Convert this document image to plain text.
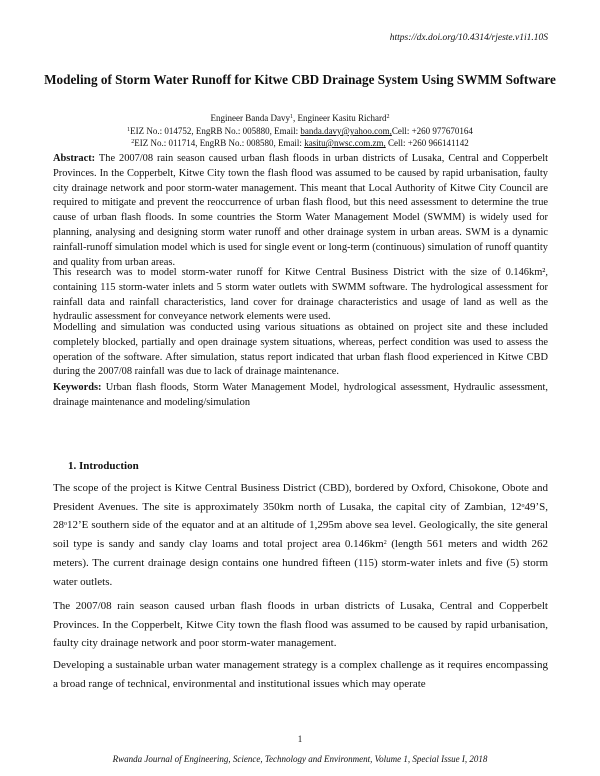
https://dx.doi.org/10.4314/rjeste.v1i1.10S
Modeling of Storm Water Runoff for Kitwe CBD Drainage System Using SWMM Software
Engineer Banda Davy$^1$, Engineer Kasitu Richard$^2$
$^1$EIZ No.: 014752, EngRB No.: 005880, Email: banda.davy@yahoo.com,Cell: +260 977670164
$^2$EIZ No.: 011714, EngRB No.: 008580, Email: kasitu@nwsc.com.zm, Cell: +260 966141142

Abstract: The 2007/08 rain season caused urban flash floods in urban districts of Lusaka, Central and Copperbelt Provinces. In the Copperbelt, Kitwe City town the flash flood was assumed to be caused by rapid urbanisation, faulty city drainage network and poor storm-water management. This meant that Local Authority of Kitwe City Council are required to mitigate and prevent the reoccurrence of urban flash flood, but this need assessment to determine the true cause of urban flash floods. In some countries the Storm Water Management Model (SWMM) is widely used for planning, analysing and designing storm water runoff and other drainage system in urban areas. SWM is a dynamic rainfall-runoff simulation model which is used for single event or long-term (continuous) simulation of runoff quantity and quality from urban areas.

This research was to model storm-water runoff for Kitwe Central Business District with the size of 0.146km², containing 115 storm-water inlets and 5 storm water outlets with SWMM software. The hydrological assessment for rainfall data and rainfall characteristics, land cover for drainage characteristics and usage of land as well as the hydraulic assessment for conveyance network elements were used.

Modelling and simulation was conducted using various situations as obtained on project site and these included completely blocked, partially and open drainage system situations, whereas, perfect condition was used to assess the operation of the software. After simulation, status report indicated that urban flash flood experienced in Kitwe CBD during the 2007/08 rainfall was due to lack of drainage maintenance.

Keywords: Urban flash floods, Storm Water Management Model, hydrological assessment, Hydraulic assessment, drainage maintenance and modeling/simulation

1. Introduction

The scope of the project is Kitwe Central Business District (CBD), bordered by Oxford, Chisokone, Obote and President Avenues. The site is approximately 350km north of Lusaka, the capital city of Zambian, 12$^o$49’S, 28$^o$12’E southern side of the equator and at an altitude of 1,295m above sea level. Geologically, the site general soil type is sandy and sandy clay loams and total project area $0.146km^2$ (length 561 meters and width 262 meters). The current drainage design contains one hundred fifteen (115) storm-water inlets and five (5) storm water outlets.

The 2007/08 rain season caused urban flash floods in urban districts of Lusaka, Central and Copperbelt Provinces. In the Copperbelt, Kitwe City town the flash flood was assumed to be caused by rapid urbanisation, faulty city drainage network and poor storm-water management.

Developing a sustainable urban water management strategy is a complex challenge as it requires encompassing a broad range of technical, environmental and institutional issues which may operate

1
Rwanda Journal of Engineering, Science, Technology and Environment, Volume 1, Special Issue I, 2018
